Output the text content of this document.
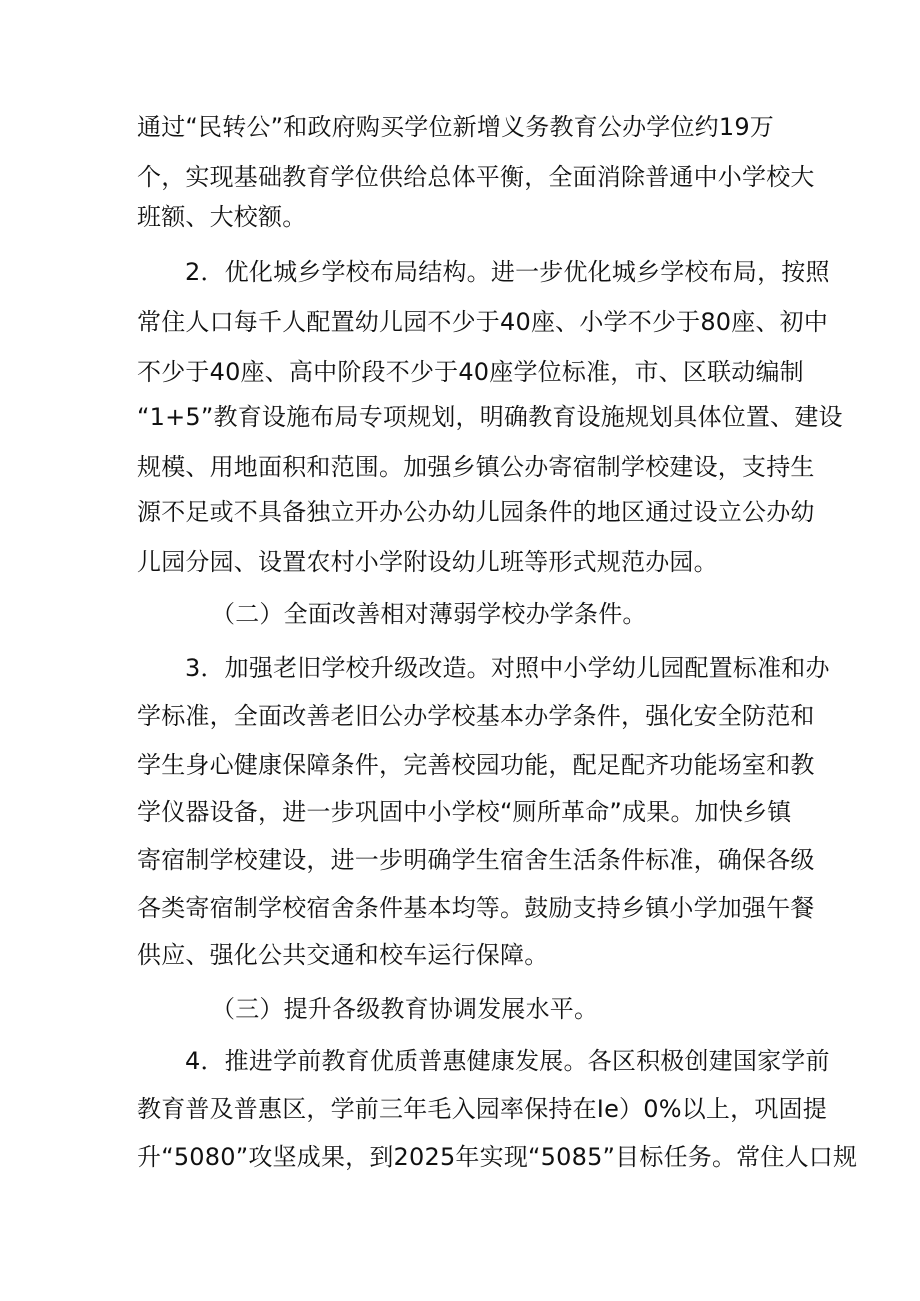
通过“民转公”和政府购买学位新增义务教育公办学位约19万
个，实现基础教育学位供给总体平衡，全面消除普通中小学校大
班额、大校额。
2．优化城乡学校布局结构。进一步优化城乡学校布局，按照
常住人口每千人配置幼儿园不少于40座、小学不少于80座、初中
不少于40座、高中阶段不少于40座学位标准，市、区联动编制
“1+5”教育设施布局专项规划，明确教育设施规划具体位置、建设
规模、用地面积和范围。加强乡镇公办寄宿制学校建设，支持生
源不足或不具备独立开办公办幼儿园条件的地区通过设立公办幼
儿园分园、设置农村小学附设幼儿班等形式规范办园。
（二）全面改善相对薄弱学校办学条件。
3．加强老旧学校升级改造。对照中小学幼儿园配置标准和办
学标准，全面改善老旧公办学校基本办学条件，强化安全防范和
学生身心健康保障条件，完善校园功能，配足配齐功能场室和教
学仪器设备，进一步巩固中小学校“厕所革命”成果。加快乡镇
寄宿制学校建设，进一步明确学生宿舍生活条件标准，确保各级
各类寄宿制学校宿舍条件基本均等。鼓励支持乡镇小学加强午餐
供应、强化公共交通和校车运行保障。
（三）提升各级教育协调发展水平。
4．推进学前教育优质普惠健康发展。各区积极创建国家学前
教育普及普惠区，学前三年毛入园率保持在Ie）0%以上，巩固提
升“5080”攻坚成果，到2025年实现“5085”目标任务。常住人口规
